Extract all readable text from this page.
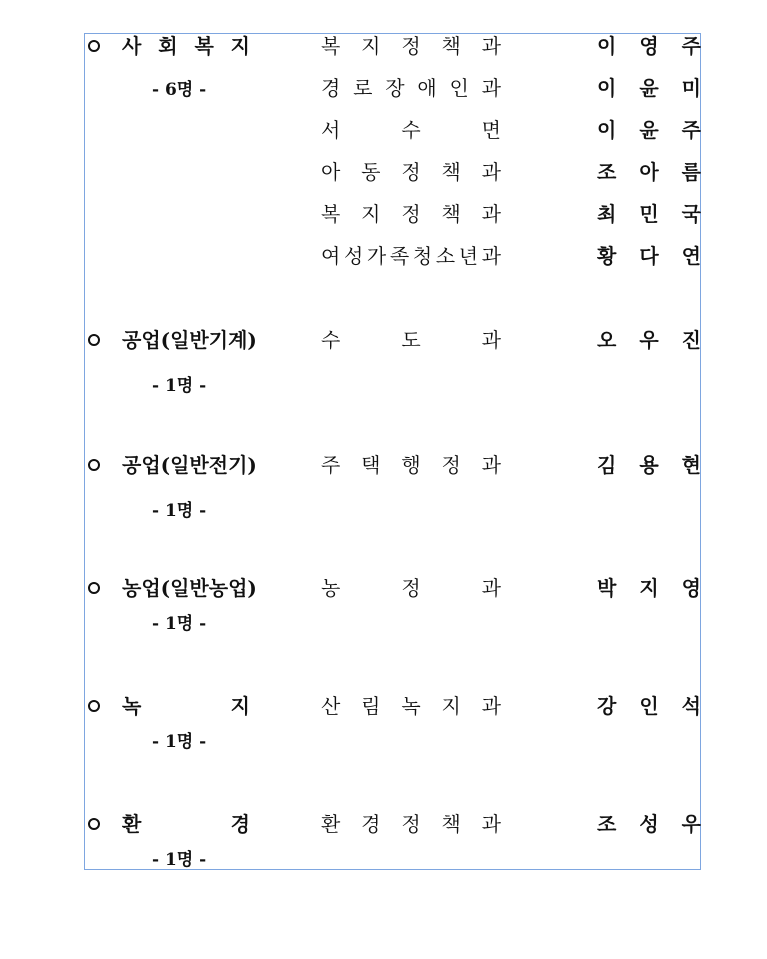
사 회 복 지
- 6명 -
복 지 정 책 과	이 영 주
경 로 장 애 인 과	이 윤 미
서	수	면	이 윤 주
아 동 정 책 과	조 아 름
복 지 정 책 과	최 민 국
여 성 가 족 청 소 년 과	황 다 연
공업(일반기계)
- 1명 -
수	도	과	오 우 진
공업(일반전기)
- 1명 -
주 택 행 정 과	김 용 현
농업(일반농업)
- 1명 -
농	정	과	박 지 영
녹	지
- 1명 -
산 림 녹 지 과	강 인 석
환	경
- 1명 -
환 경 정 책 과	조 성 우
